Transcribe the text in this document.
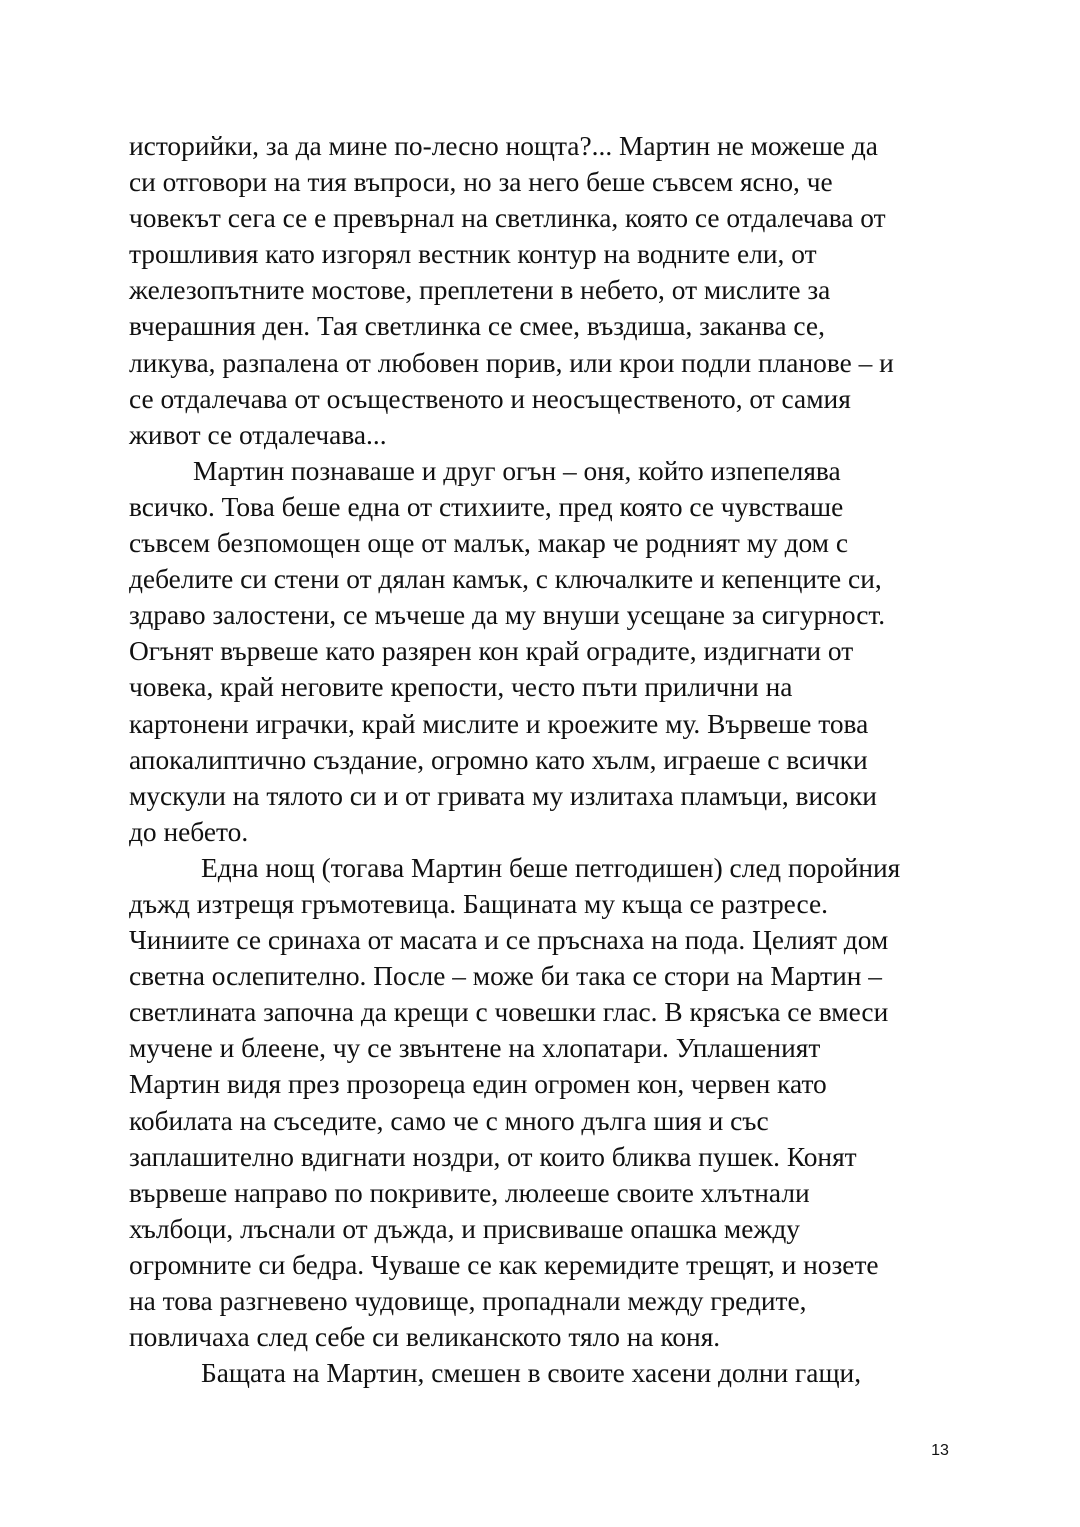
историйки, за да мине по-лесно нощта?... Мартин не можеше да
си отговори на тия въпроси, но за него беше съвсем ясно, че
човекът сега се е превърнал на светлинка, която се отдалечава от
трошливия като изгорял вестник контур на водните ели, от
железопътните мостове, преплетени в небето, от мислите за
вчерашния ден. Тая светлинка се смее, въздиша, заканва се,
ликува, разпалена от любовен порив, или крои подли планове – и
се отдалечава от осъщественото и неосъщественото, от самия
живот се отдалечава...
Мартин познаваше и друг огън – оня, който изпепелява
всичко. Това беше една от стихиите, пред която се чувстваше
съвсем безпомощен още от малък, макар че родният му дом с
дебелите си стени от дялан камък, с ключалките и кепенците си,
здраво залостени, се мъчеше да му внуши усещане за сигурност.
Огънят вървеше като разярен кон край оградите, издигнати от
човека, край неговите крепости, често пъти прилични на
картонени играчки, край мислите и кроежите му. Вървеше това
апокалиптично създание, огромно като хълм, играеше с всички
мускули на тялото си и от гривата му излитаха пламъци, високи
до небето.
Една нощ (тогава Мартин беше петгодишен) след поройния
дъжд изтрещя гръмотевица. Бащината му къща се разтресе.
Чиниите се сринаха от масата и се пръснаха на пода. Целият дом
светна ослепително. После – може би така се стори на Мартин –
светлината започна да крещи с човешки глас. В крясъка се вмеси
мучене и блеене, чу се звънтене на хлопатари. Уплашеният
Мартин видя през прозореца един огромен кон, червен като
кобилата на съседите, само че с много дълга шия и със
заплашително вдигнати ноздри, от които бликва пушек. Конят
вървеше направо по покривите, люлееше своите хлътнали
хълбоци, лъснали от дъжда, и присвиваше опашка между
огромните си бедра. Чуваше се как керемидите трещят, и нозете
на това разгневено чудовище, пропаднали между гредите,
повличаха след себе си великанското тяло на коня.
Бащата на Мартин, смешен в своите хасени долни гащи,
13
